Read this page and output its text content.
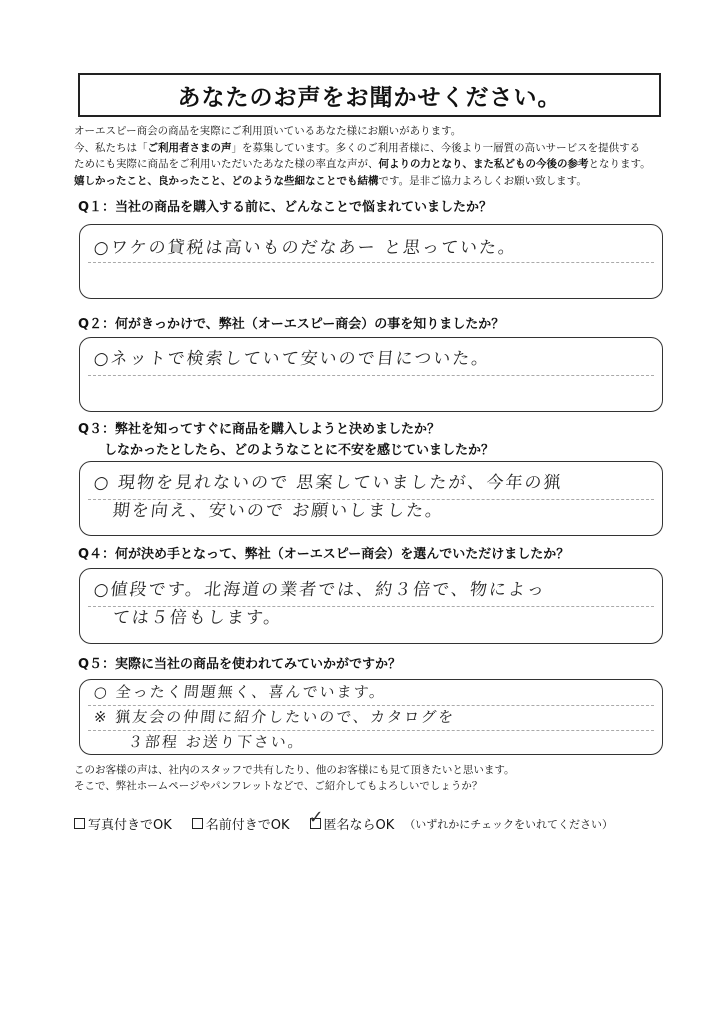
あなたのお声をお聞かせください。
オーエスピー商会の商品を実際にご利用頂いているあなた様にお願いがあります。
今、私たちは「ご利用者さまの声」を募集しています。多くのご利用者様に、今後より一層質の高いサービスを提供する
ためにも実際に商品をご利用いただいたあなた様の率直な声が、何よりの力となり、また私どもの今後の参考となります。
嬉しかったこと、良かったこと、どのような些細なことでも結構です。是非ご協力よろしくお願い致します。
Q１：当社の商品を購入する前に、どんなことで悩まれていましたか？
○ワケの貸税は高いものだなあー と思っていた。
Q２：何がきっかけで、弊社（オーエスピー商会）の事を知りましたか？
○ネットで検索していて安いので目についた。
Q３：弊社を知ってすぐに商品を購入しようと決めましたか？
　　しなかったとしたら、どのようなことに不安を感じていましたか？
○ 現物を見れないので 思案していましたが、今年の猟
　期を向え、安いので お願いしました。
Q４：何が決め手となって、弊社（オーエスピー商会）を選んでいただけましたか？
○値段です。北海道の業者では、約３倍で、物によっ
　ては５倍もします。
Q５：実際に当社の商品を使われてみていかがですか？
○ 全ったく問題無く、喜んでいます。
※ 猟友会の仲間に紹介したいので、カタログを
　　３部程 お送り下さい。
このお客様の声は、社内のスタッフで共有したり、他のお客様にも見て頂きたいと思います。
そこで、弊社ホームページやパンフレットなどで、ご紹介してもよろしいでしょうか？
写真付きでOK	名前付きでOK ✓ 匿名ならOK （いずれかにチェックをいれてください）
